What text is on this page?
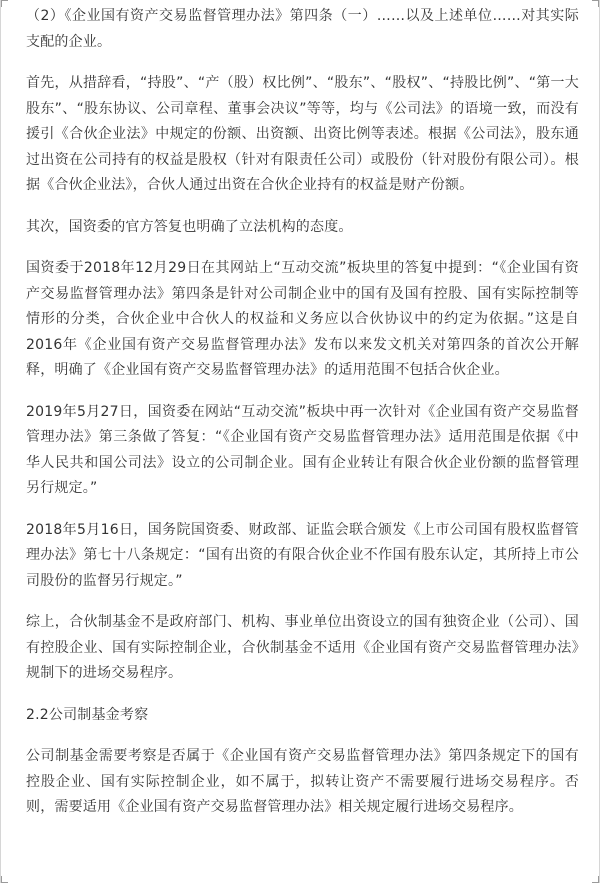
（2）《企业国有资产交易监督管理办法》第四条（一）……以及上述单位……对其实际支配的企业。

首先，从措辞看，“持股”、“产（股）权比例”、“股东”、“股权”、“持股比例”、“第一大股东”、“股东协议、公司章程、董事会决议”等等，均与《公司法》的语境一致，而没有援引《合伙企业法》中规定的份额、出资额、出资比例等表述。根据《公司法》，股东通过出资在公司持有的权益是股权（针对有限责任公司）或股份（针对股份有限公司）。根据《合伙企业法》，合伙人通过出资在合伙企业持有的权益是财产份额。

其次，国资委的官方答复也明确了立法机构的态度。

国资委于2018年12月29日在其网站上“互动交流”板块里的答复中提到：“《企业国有资产交易监督管理办法》第四条是针对公司制企业中的国有及国有控股、国有实际控制等情形的分类，合伙企业中合伙人的权益和义务应以合伙协议中的约定为依据。”这是自2016年《企业国有资产交易监督管理办法》发布以来发文机关对第四条的首次公开解释，明确了《企业国有资产交易监督管理办法》的适用范围不包括合伙企业。

2019年5月27日，国资委在网站“互动交流”板块中再一次针对《企业国有资产交易监督管理办法》第三条做了答复：“《企业国有资产交易监督管理办法》适用范围是依据《中华人民共和国公司法》设立的公司制企业。国有企业转让有限合伙企业份额的监督管理另行规定。”

2018年5月16日，国务院国资委、财政部、证监会联合颁发《上市公司国有股权监督管理办法》第七十八条规定：“国有出资的有限合伙企业不作国有股东认定，其所持上市公司股份的监督另行规定。”

综上，合伙制基金不是政府部门、机构、事业单位出资设立的国有独资企业（公司）、国有控股企业、国有实际控制企业，合伙制基金不适用《企业国有资产交易监督管理办法》规制下的进场交易程序。

2.2公司制基金考察

公司制基金需要考察是否属于《企业国有资产交易监督管理办法》第四条规定下的国有控股企业、国有实际控制企业，如不属于，拟转让资产不需要履行进场交易程序。否则，需要适用《企业国有资产交易监督管理办法》相关规定履行进场交易程序。
